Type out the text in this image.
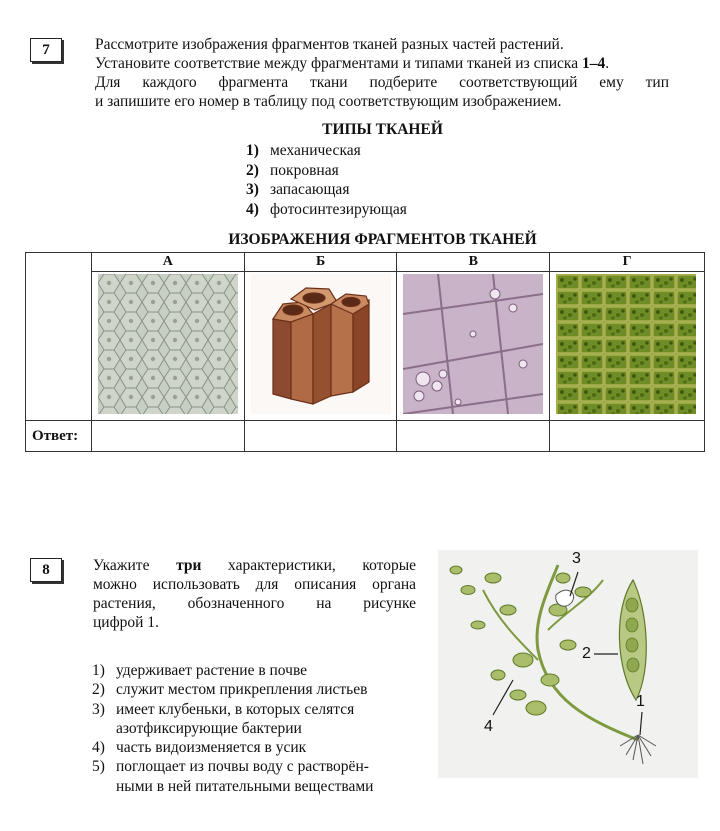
7	Рассмотрите изображения фрагментов тканей разных частей растений.
Установите соответствие между фрагментами и типами тканей из списка 1–4.
Для каждого фрагмента ткани подберите соответствующий ему тип
и запишите его номер в таблицу под соответствующим изображением.
ТИПЫ ТКАНЕЙ
1) механическая
2) покровная
3) запасающая
4) фотосинтезирующая
ИЗОБРАЖЕНИЯ ФРАГМЕНТОВ ТКАНЕЙ
	А	Б	В	Г

Ответ:				
8	Укажите три характеристики, которые
можно использовать для описания органа
растения, обозначенного на рисунке
цифрой 1.
1) удерживает растение в почве
2) служит местом прикрепления листьев
3) имеет клубеньки, в которых селятся
азотфиксирующие бактерии
4) часть видоизменяется в усик
5) поглощает из почвы воду с растворён-
ными в ней питательными веществами
3
2
1
4
